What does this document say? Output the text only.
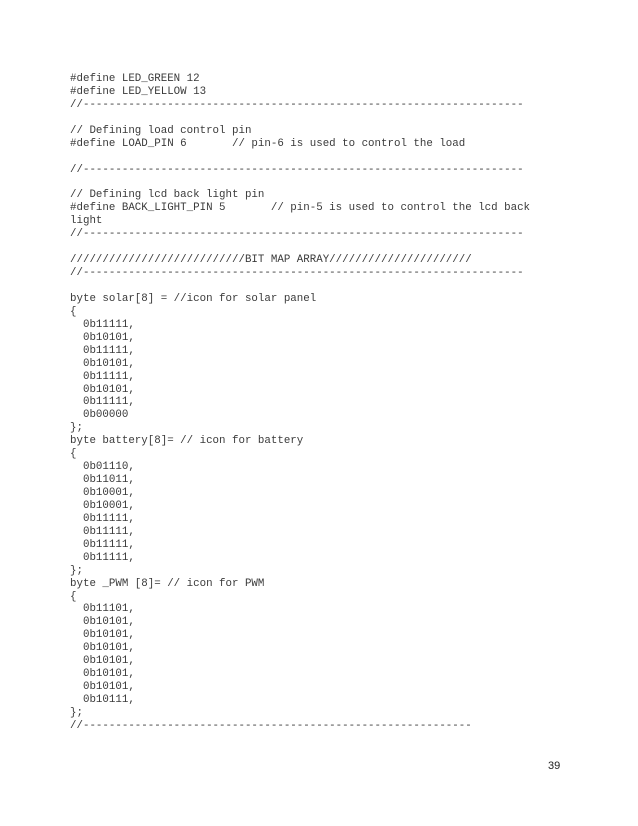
#define LED_GREEN 12
#define LED_YELLOW 13
//--------------------------------------------------------------------
// Defining load control pin
#define LOAD_PIN 6       // pin-6 is used to control the load
//--------------------------------------------------------------------
// Defining lcd back light pin
#define BACK_LIGHT_PIN 5       // pin-5 is used to control the lcd back
light
//--------------------------------------------------------------------
///////////////////////////BIT MAP ARRAY//////////////////////
//--------------------------------------------------------------------
byte solar[8] = //icon for solar panel
{
0b11111,
0b10101,
0b11111,
0b10101,
0b11111,
0b10101,
0b11111,
0b00000
};
byte battery[8]= // icon for battery
{
0b01110,
0b11011,
0b10001,
0b10001,
0b11111,
0b11111,
0b11111,
0b11111,
};
byte _PWM [8]= // icon for PWM
{
0b11101,
0b10101,
0b10101,
0b10101,
0b10101,
0b10101,
0b10101,
0b10111,
};
//------------------------------------------------------------
39
